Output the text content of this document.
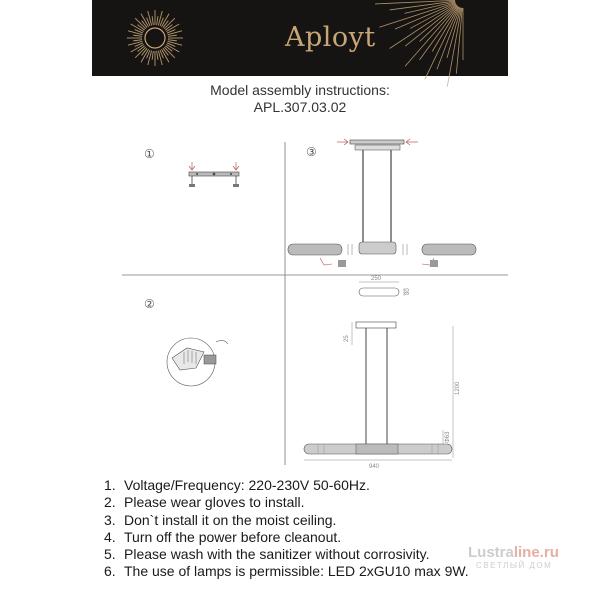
Aployt
Model assembly instructions:
APL.307.03.02
①	③
②
250
80
25
1200
Φ63
940
1. Voltage/Frequency: 220-230V 50-60Hz.
2. Please wear gloves to install.
3. Don`t install it on the moist ceiling.
4. Turn off the power before cleanout.
5. Please wash with the sanitizer without corrosivity.
6. The use of lamps is permissible: LED 2xGU10 max 9W.
Lustraline.ru
СВЕТЛЫЙ ДОМ
